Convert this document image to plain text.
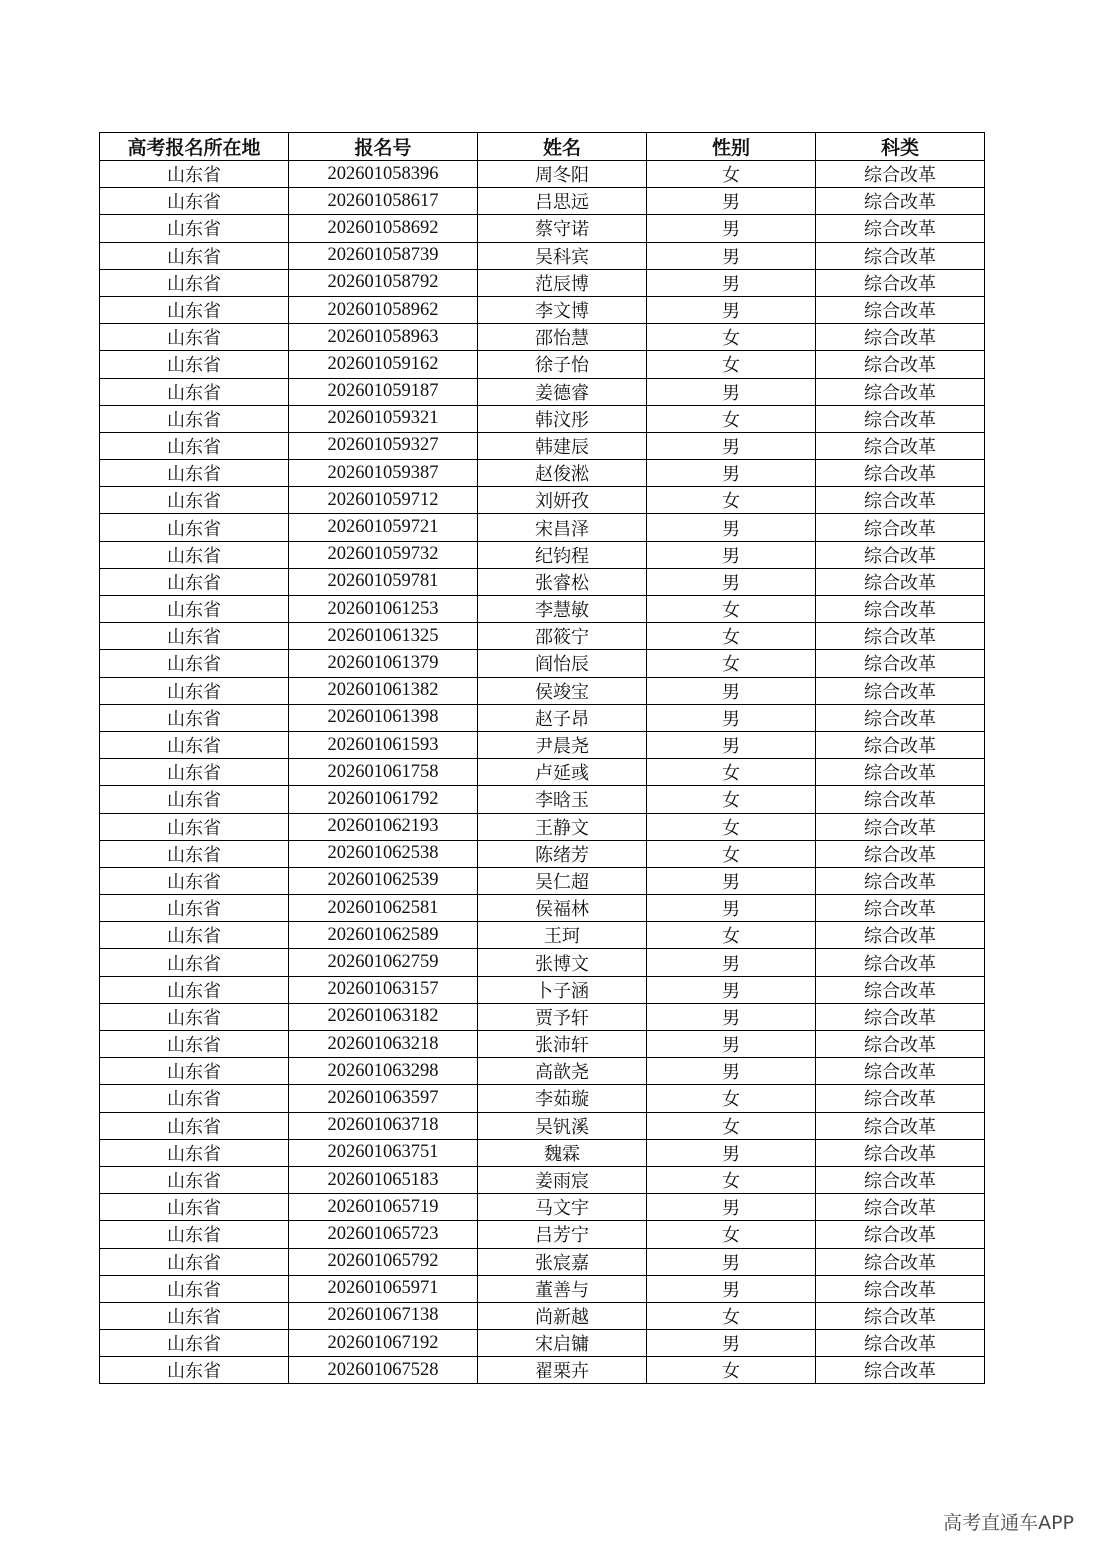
高考报名所在地	报名号	姓名	性别	科类
山东省	202601058396	周冬阳	女	综合改革
山东省	202601058617	吕思远	男	综合改革
山东省	202601058692	蔡守诺	男	综合改革
山东省	202601058739	吴科宾	男	综合改革
山东省	202601058792	范辰博	男	综合改革
山东省	202601058962	李文博	男	综合改革
山东省	202601058963	邵怡慧	女	综合改革
山东省	202601059162	徐子怡	女	综合改革
山东省	202601059187	姜德睿	男	综合改革
山东省	202601059321	韩汶彤	女	综合改革
山东省	202601059327	韩建辰	男	综合改革
山东省	202601059387	赵俊淞	男	综合改革
山东省	202601059712	刘妍孜	女	综合改革
山东省	202601059721	宋昌泽	男	综合改革
山东省	202601059732	纪钧程	男	综合改革
山东省	202601059781	张睿松	男	综合改革
山东省	202601061253	李慧敏	女	综合改革
山东省	202601061325	邵筱宁	女	综合改革
山东省	202601061379	阎怡辰	女	综合改革
山东省	202601061382	侯竣宝	男	综合改革
山东省	202601061398	赵子昂	男	综合改革
山东省	202601061593	尹晨尧	男	综合改革
山东省	202601061758	卢延彧	女	综合改革
山东省	202601061792	李晗玉	女	综合改革
山东省	202601062193	王静文	女	综合改革
山东省	202601062538	陈绪芳	女	综合改革
山东省	202601062539	吴仁超	男	综合改革
山东省	202601062581	侯福林	男	综合改革
山东省	202601062589	王珂	女	综合改革
山东省	202601062759	张博文	男	综合改革
山东省	202601063157	卜子涵	男	综合改革
山东省	202601063182	贾予轩	男	综合改革
山东省	202601063218	张沛轩	男	综合改革
山东省	202601063298	高歆尧	男	综合改革
山东省	202601063597	李茹璇	女	综合改革
山东省	202601063718	吴钒溪	女	综合改革
山东省	202601063751	魏霖	男	综合改革
山东省	202601065183	姜雨宸	女	综合改革
山东省	202601065719	马文宇	男	综合改革
山东省	202601065723	吕芳宁	女	综合改革
山东省	202601065792	张宸嘉	男	综合改革
山东省	202601065971	董善与	男	综合改革
山东省	202601067138	尚新越	女	综合改革
山东省	202601067192	宋启镛	男	综合改革
山东省	202601067528	翟栗卉	女	综合改革
高考直通车APP
